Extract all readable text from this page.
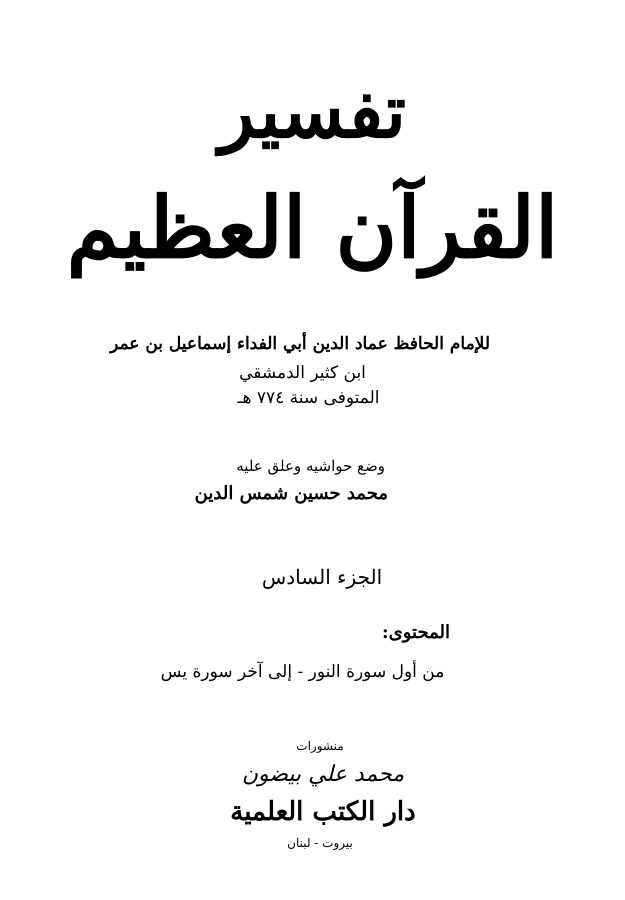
تفسير
القرآن العظيم
للإمام الحافظ عماد الدين أبي الفداء إسماعيل بن عمر
ابن كثير الدمشقي
المتوفى سنة ٧٧٤ هـ
وضع حواشيه وعلق عليه
محمد حسين شمس الدين
الجزء السادس
المحتوى:
من أول سورة النور - إلى آخر سورة يس
منشورات
محمد علي بيضون
دار الكتب العلمية
بيروت - لبنان
